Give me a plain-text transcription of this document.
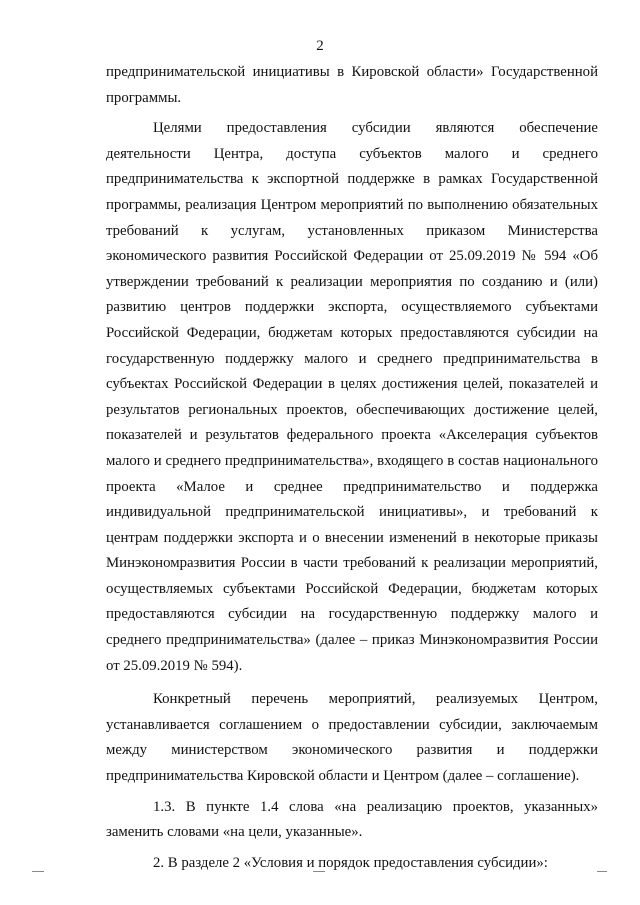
2

предпринимательской инициативы в Кировской области» Государственной программы.

Целями предоставления субсидии являются обеспечение деятельности Центра, доступа субъектов малого и среднего предпринимательства к экспортной поддержке в рамках Государственной программы, реализация Центром мероприятий по выполнению обязательных требований к услугам, установленных приказом Министерства экономического развития Российской Федерации от 25.09.2019 № 594 «Об утверждении требований к реализации мероприятия по созданию и (или) развитию центров поддержки экспорта, осуществляемого субъектами Российской Федерации, бюджетам которых предоставляются субсидии на государственную поддержку малого и среднего предпринимательства в субъектах Российской Федерации в целях достижения целей, показателей и результатов региональных проектов, обеспечивающих достижение целей, показателей и результатов федерального проекта «Акселерация субъектов малого и среднего предпринимательства», входящего в состав национального проекта «Малое и среднее предпринимательство и поддержка индивидуальной предпринимательской инициативы», и требований к центрам поддержки экспорта и о внесении изменений в некоторые приказы Минэкономразвития России в части требований к реализации мероприятий, осуществляемых субъектами Российской Федерации, бюджетам которых предоставляются субсидии на государственную поддержку малого и среднего предпринимательства» (далее – приказ Минэкономразвития России от 25.09.2019 № 594).

Конкретный перечень мероприятий, реализуемых Центром, устанавливается соглашением о предоставлении субсидии, заключаемым между министерством экономического развития и поддержки предпринимательства Кировской области и Центром (далее – соглашение).

1.3. В пункте 1.4 слова «на реализацию проектов, указанных» заменить словами «на цели, указанные».

2. В разделе 2 «Условия и порядок предоставления субсидии»:
